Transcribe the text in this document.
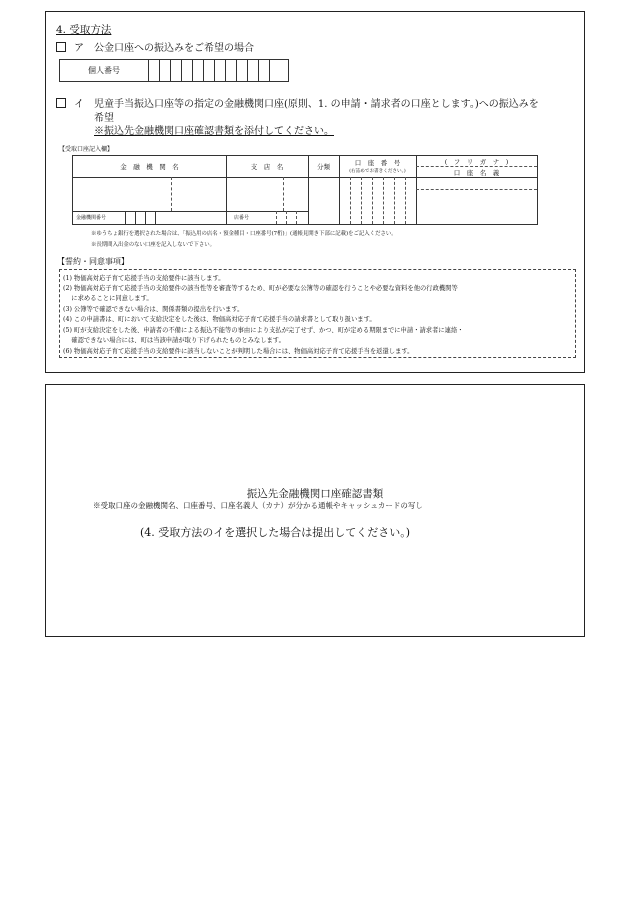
4. 受取方法
ア　公金口座への振込みをご希望の場合
個人番号
イ　児童手当振込口座等の指定の金融機関口座(原則、1. の申請・請求者の口座とします。)への振込みを
希望
※振込先金融機関口座確認書類を添付してください。
【受取口座記入欄】
金　融　機　関　名	支　店　名	分類	口　座　番　号
(右詰めでお書きください。)
(　フ　リ　ガ　ナ　)
口　座　名　義
金融機関番号	店番号
※ゆうちょ銀行を選択された場合は、「振込用の店名・預金種目・口座番号(7桁)」(通帳見開き下部に記載)をご記入ください。
※長期間入出金のない口座を記入しないで下さい。
【誓約・同意事項】
(1) 物価高対応子育て応援手当の支給要件に該当します。
(2) 物価高対応子育て応援手当の支給要件の該当性等を審査等するため、町が必要な公簿等の確認を行うことや必要な資料を他の行政機関等
　 に求めることに同意します。
(3) 公簿等で確認できない場合は、関係書類の提出を行います。
(4) この申請書は、町において支給決定をした後は、物価高対応子育て応援手当の請求書として取り扱います。
(5) 町が支給決定をした後、申請者の不備による振込不能等の事由により支払が完了せず、かつ、町が定める期限までに申請・請求者に連絡・
　 確認できない場合には、町は当該申請が取り下げられたものとみなします。
(6) 物価高対応子育て応援手当の支給要件に該当しないことが判明した場合には、物価高対応子育て応援手当を返還します。
振込先金融機関口座確認書類
※受取口座の金融機関名、口座番号、口座名義人（カナ）が分かる通帳やキャッシュカードの写し
(4. 受取方法のイを選択した場合は提出してください。)
